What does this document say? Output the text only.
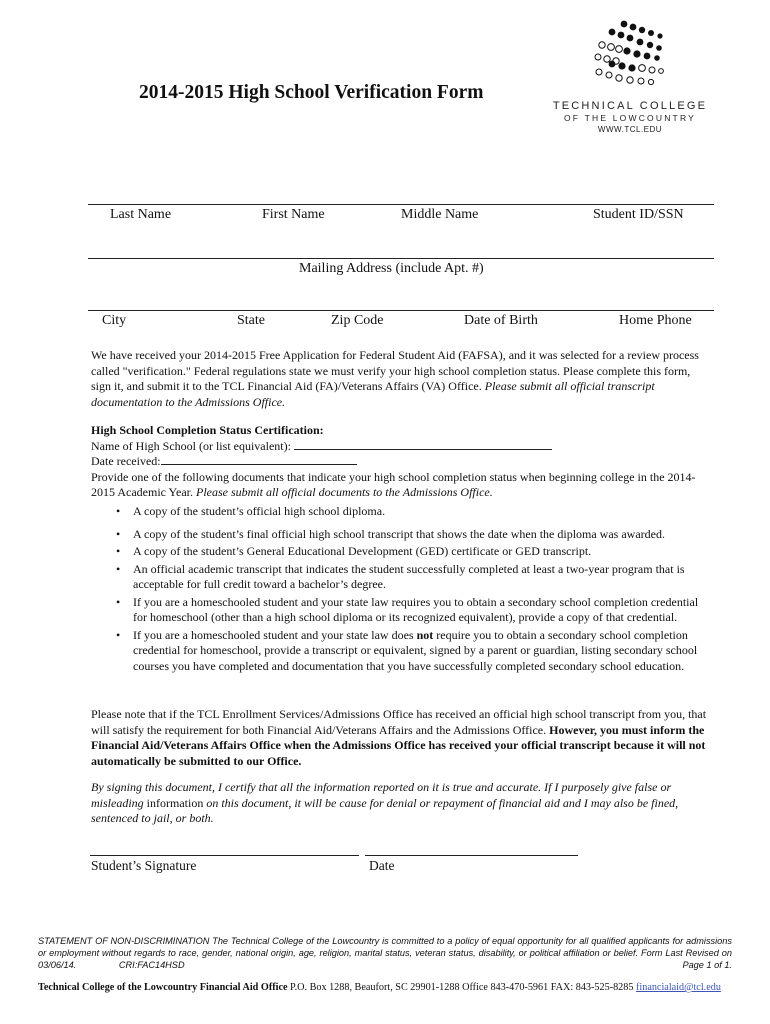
2014-2015 High School Verification Form
TECHNICAL COLLEGE
OF THE LOWCOUNTRY
WWW.TCL.EDU
Last Name	First Name	Middle Name	Student ID/SSN
Mailing Address (include Apt. #)
City	State	Zip Code	Date of Birth	Home Phone

We have received your 2014-2015 Free Application for Federal Student Aid (FAFSA), and it was selected for a review process called "verification." Federal regulations state we must verify your high school completion status. Please complete this form, sign it, and submit it to the TCL Financial Aid (FA)/Veterans Affairs (VA) Office. Please submit all official transcript documentation to the Admissions Office.

High School Completion Status Certification:

Name of High School (or list equivalent):

Date received:

Provide one of the following documents that indicate your high school completion status when beginning college in the 2014-2015 Academic Year. Please submit all official documents to the Admissions Office.

• A copy of the student’s official high school diploma.
• A copy of the student’s final official high school transcript that shows the date when the diploma was awarded.
• A copy of the student’s General Educational Development (GED) certificate or GED transcript.
• An official academic transcript that indicates the student successfully completed at least a two-year program that is acceptable for full credit toward a bachelor’s degree.
• If you are a homeschooled student and your state law requires you to obtain a secondary school completion credential for homeschool (other than a high school diploma or its recognized equivalent), provide a copy of that credential.
• If you are a homeschooled student and your state law does not require you to obtain a secondary school completion credential for homeschool, provide a transcript or equivalent, signed by a parent or guardian, listing secondary school courses you have completed and documentation that you have successfully completed secondary school education.

Please note that if the TCL Enrollment Services/Admissions Office has received an official high school transcript from you, that will satisfy the requirement for both Financial Aid/Veterans Affairs and the Admissions Office. However, you must inform the Financial Aid/Veterans Affairs Office when the Admissions Office has received your official transcript because it will not automatically be submitted to our Office.

By signing this document, I certify that all the information reported on it is true and accurate. If I purposely give false or misleading information on this document, it will be cause for denial or repayment of financial aid and I may also be fined, sentenced to jail, or both.

Student’s Signature	Date
STATEMENT OF NON-DISCRIMINATION The Technical College of the Lowcountry is committed to a policy of equal opportunity for all qualified applicants for admissions or employment without regards to race, gender, national origin, age, religion, marital status, veteran status, disability, or political affiliation or belief. Form Last Revised on 03/06/14.	CRI:FAC14HSD	Page 1 of 1.
Technical College of the Lowcountry Financial Aid Office P.O. Box 1288, Beaufort, SC 29901-1288 Office 843-470-5961 FAX: 843-525-8285 financialaid@tcl.edu
